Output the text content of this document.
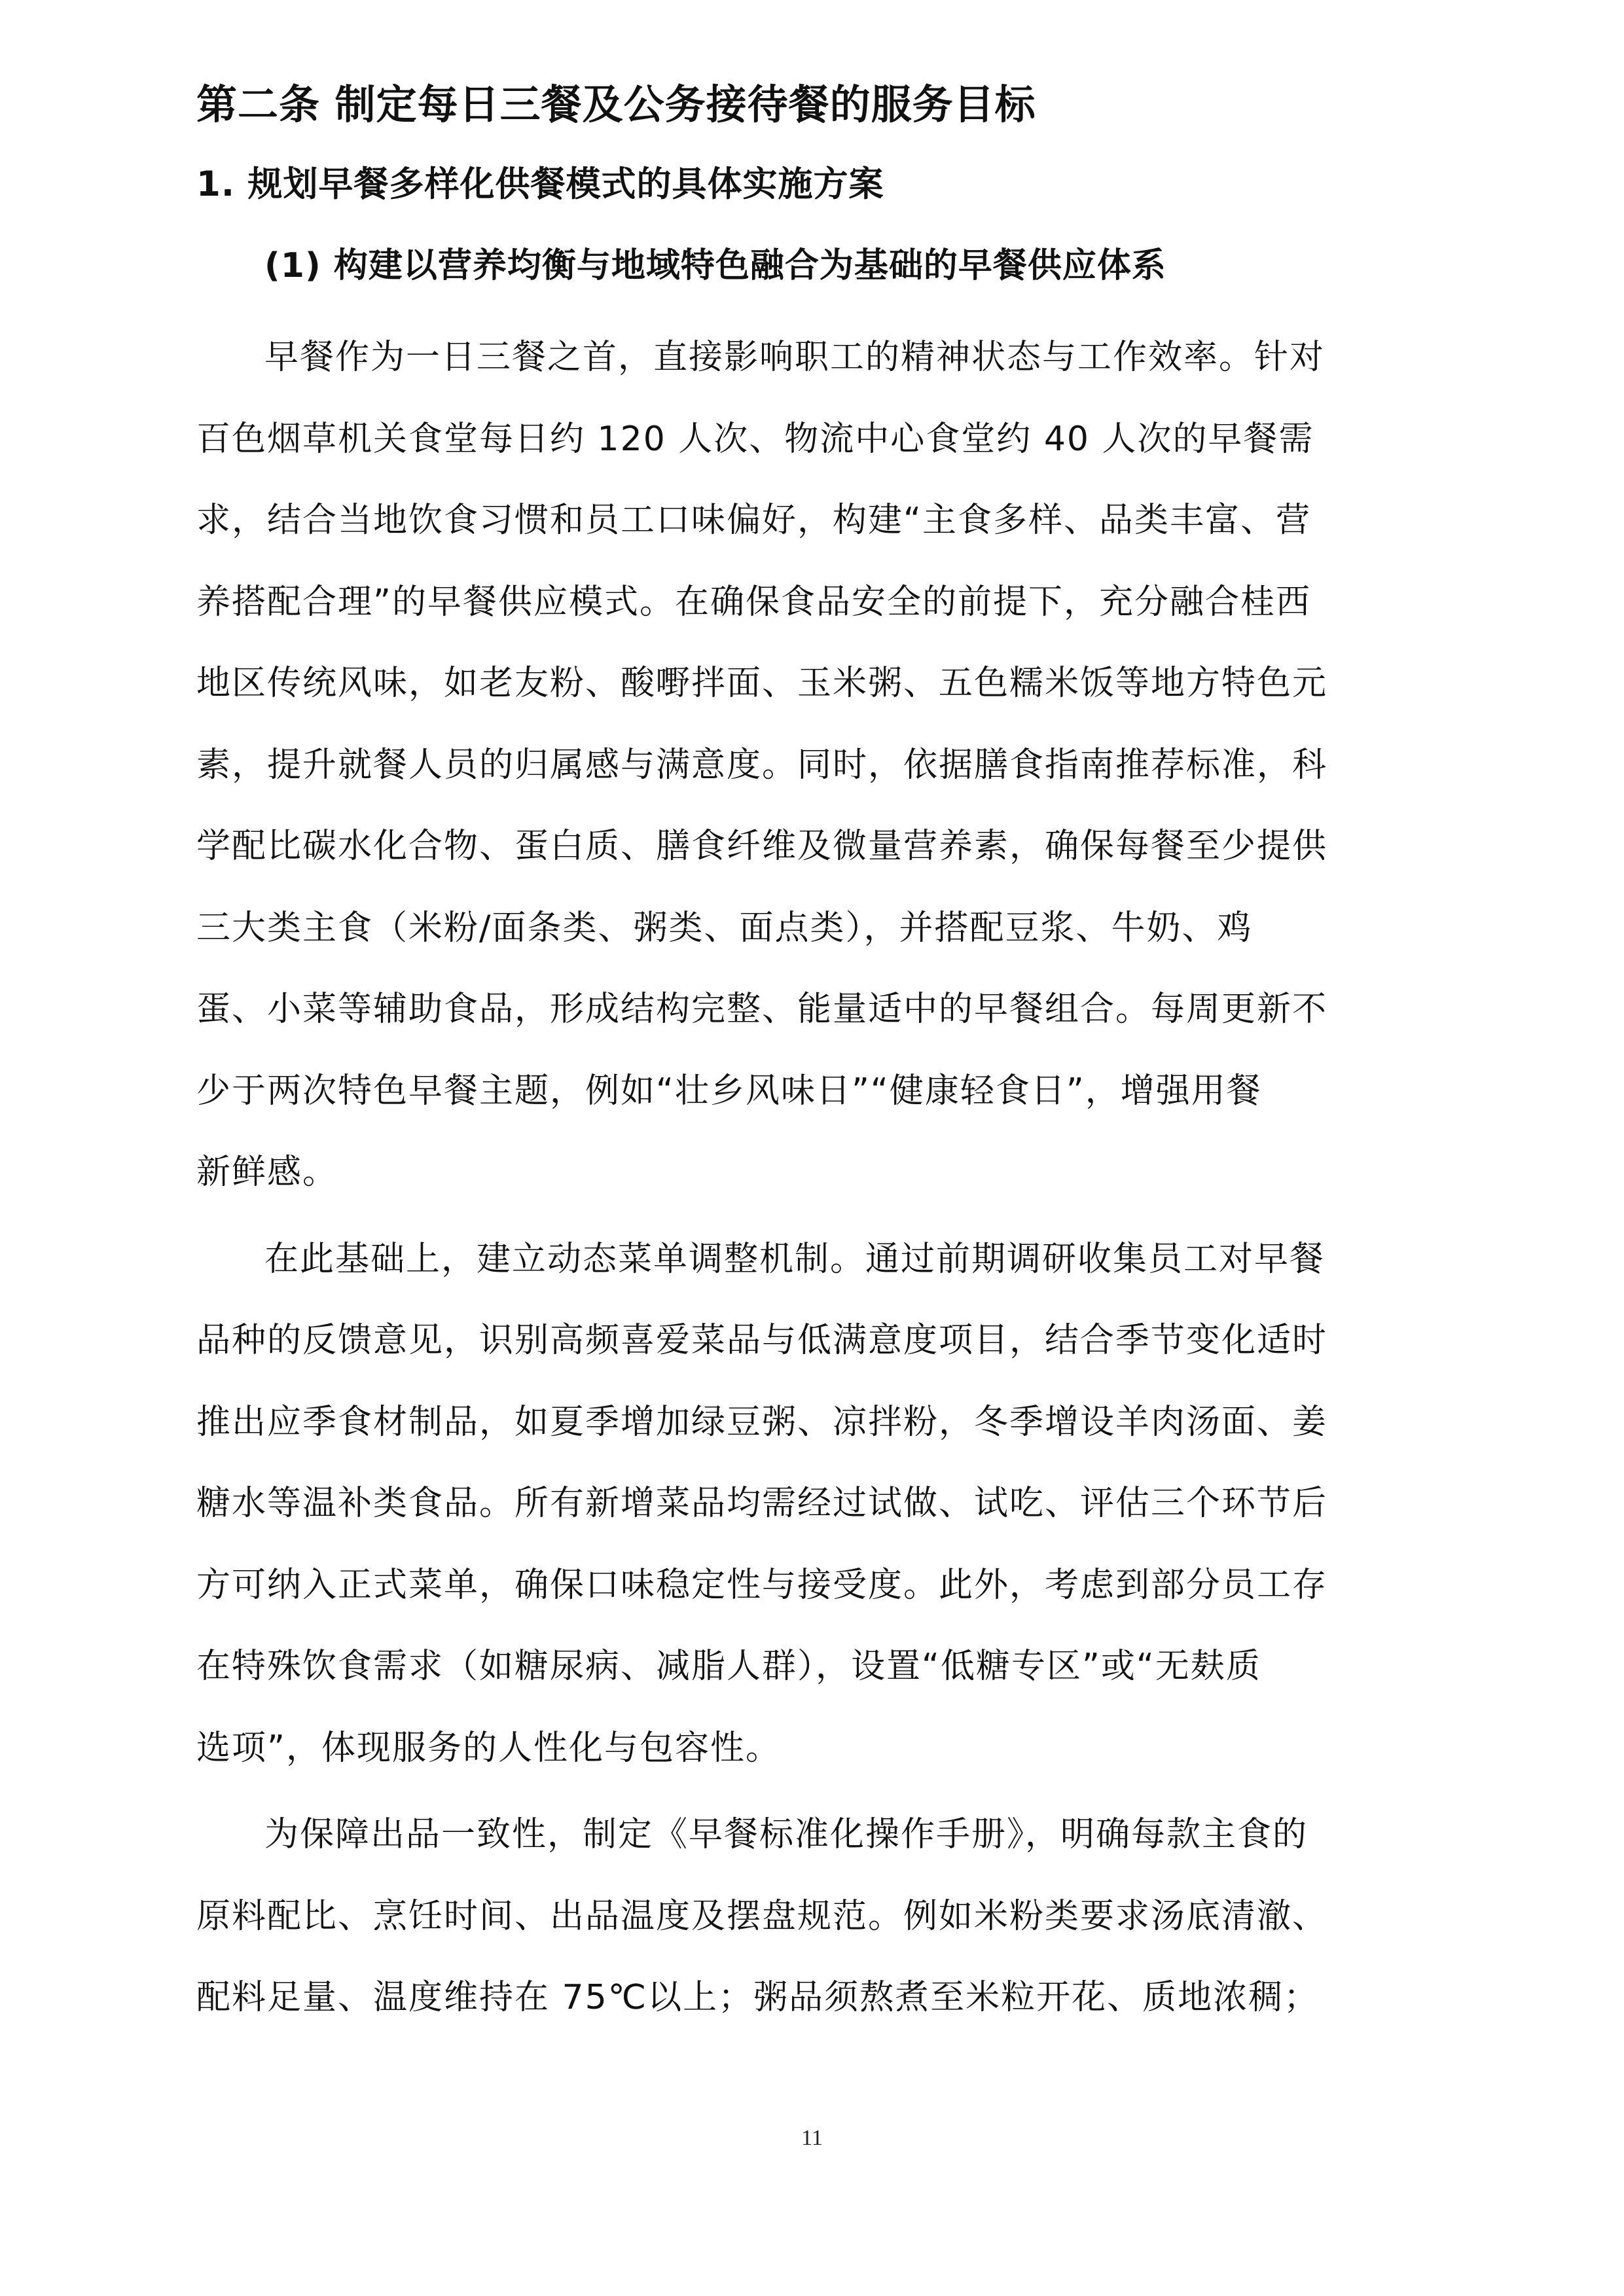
第二条 制定每日三餐及公务接待餐的服务目标
1. 规划早餐多样化供餐模式的具体实施方案
(1) 构建以营养均衡与地域特色融合为基础的早餐供应体系
早餐作为一日三餐之首，直接影响职工的精神状态与工作效率。针对
百色烟草机关食堂每日约 120 人次、物流中心食堂约 40 人次的早餐需
求，结合当地饮食习惯和员工口味偏好，构建“主食多样、品类丰富、营
养搭配合理”的早餐供应模式。在确保食品安全的前提下，充分融合桂西
地区传统风味，如老友粉、酸嘢拌面、玉米粥、五色糯米饭等地方特色元
素，提升就餐人员的归属感与满意度。同时，依据膳食指南推荐标准，科
学配比碳水化合物、蛋白质、膳食纤维及微量营养素，确保每餐至少提供
三大类主食（米粉/面条类、粥类、面点类），并搭配豆浆、牛奶、鸡
蛋、小菜等辅助食品，形成结构完整、能量适中的早餐组合。每周更新不
少于两次特色早餐主题，例如“壮乡风味日”“健康轻食日”，增强用餐
新鲜感。
在此基础上，建立动态菜单调整机制。通过前期调研收集员工对早餐
品种的反馈意见，识别高频喜爱菜品与低满意度项目，结合季节变化适时
推出应季食材制品，如夏季增加绿豆粥、凉拌粉，冬季增设羊肉汤面、姜
糖水等温补类食品。所有新增菜品均需经过试做、试吃、评估三个环节后
方可纳入正式菜单，确保口味稳定性与接受度。此外，考虑到部分员工存
在特殊饮食需求（如糖尿病、减脂人群），设置“低糖专区”或“无麸质
选项”，体现服务的人性化与包容性。
为保障出品一致性，制定《早餐标准化操作手册》，明确每款主食的
原料配比、烹饪时间、出品温度及摆盘规范。例如米粉类要求汤底清澈、
配料足量、温度维持在 75℃以上；粥品须熬煮至米粒开花、质地浓稠；
11
